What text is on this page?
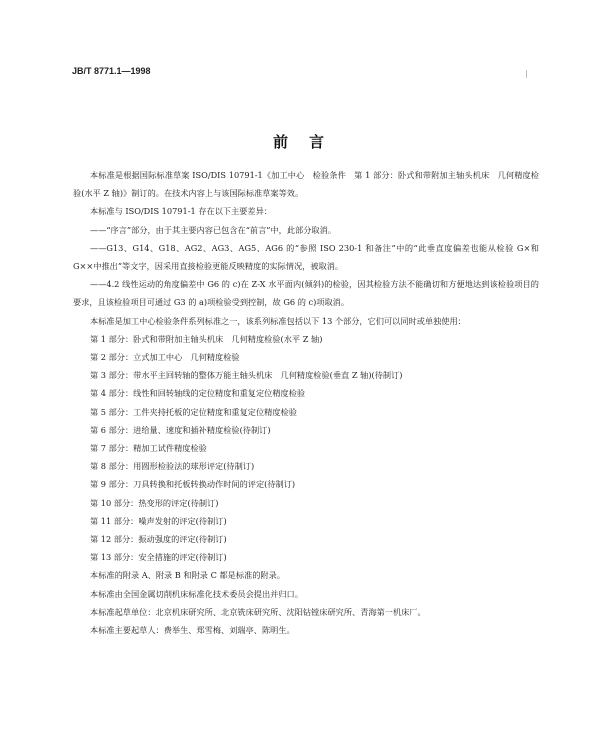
JB/T 8771.1—1998
前　言

本标准是根据国际标准草案 ISO/DIS 10791-1《加工中心　检验条件　第 1 部分：卧式和带附加主轴头机床　几何精度检验(水平 Z 轴)》制订的。在技术内容上与该国际标准草案等效。

本标准与 ISO/DIS 10791-1 存在以下主要差异：

——“序言”部分，由于其主要内容已包含在“前言”中，此部分取消。

——G13、G14、G18、AG2、AG3、AG5、AG6 的“参照 ISO 230-1 和备注”中的“此垂直度偏差也能从检验 G×和 G××中推出”等文字，因采用直接检验更能反映精度的实际情况，被取消。

——4.2 线性运动的角度偏差中 G6 的 c)在 Z-X 水平面内(倾斜)的检验，因其检验方法不能确切和方便地达到该检验项目的要求，且该检验项目可通过 G3 的 a)项检验受到控制，故 G6 的 c)项取消。

本标准是加工中心检验条件系列标准之一，该系列标准包括以下 13 个部分，它们可以同时或单独使用：

第 1 部分：卧式和带附加主轴头机床　几何精度检验(水平 Z 轴)

第 2 部分：立式加工中心　几何精度检验

第 3 部分：带水平主回转轴的整体万能主轴头机床　几何精度检验(垂直 Z 轴)(待制订)

第 4 部分：线性和回转轴线的定位精度和重复定位精度检验

第 5 部分：工件夹持托板的定位精度和重复定位精度检验

第 6 部分：进给量、速度和插补精度检验(待制订)

第 7 部分：精加工试件精度检验

第 8 部分：用圆形检验法的球形评定(待制订)

第 9 部分：刀具转换和托板转换动作时间的评定(待制订)

第 10 部分：热变形的评定(待制订)

第 11 部分：噪声发射的评定(待制订)

第 12 部分：振动强度的评定(待制订)

第 13 部分：安全措施的评定(待制订)

本标准的附录 A、附录 B 和附录 C 都是标准的附录。

本标准由全国金属切削机床标准化技术委员会提出并归口。

本标准起草单位：北京机床研究所、北京铣床研究所、沈阳钻镗床研究所、青海第一机床厂。

本标准主要起草人：费举生、郑雪梅、刘瑞亭、陈明生。
